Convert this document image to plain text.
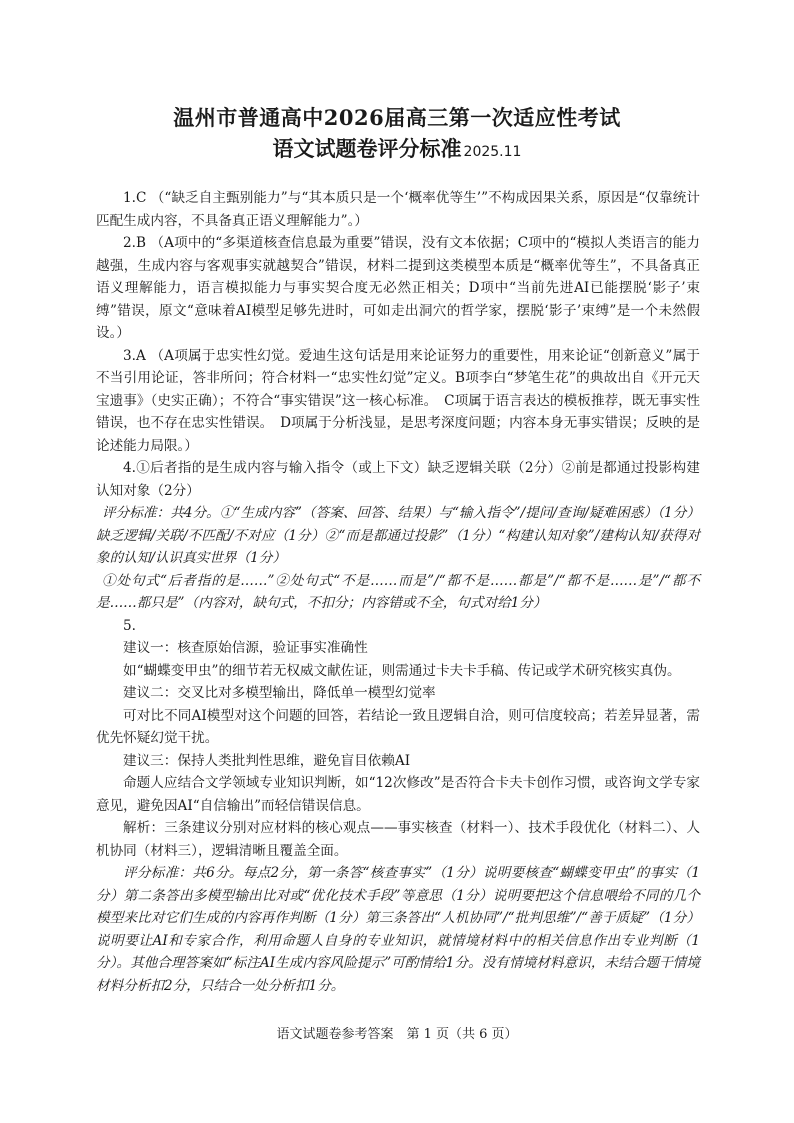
温州市普通高中2026届高三第一次适应性考试
语文试题卷评分标准 2025.11

1.C （“缺乏自主甄别能力”与“其本质只是一个‘概率优等生’”不构成因果关系，原因是“仅靠统计匹配生成内容，不具备真正语义理解能力”。）

2.B （A项中的“多渠道核查信息最为重要”错误，没有文本依据；C项中的“模拟人类语言的能力越强，生成内容与客观事实就越契合”错误，材料二提到这类模型本质是“概率优等生”，不具备真正语义理解能力，语言模拟能力与事实契合度无必然正相关；D项中“当前先进AI已能摆脱‘影子’束缚”错误，原文“意味着AI模型足够先进时，可如走出洞穴的哲学家，摆脱‘影子’束缚”是一个未然假设。）

3.A （A项属于忠实性幻觉。爱迪生这句话是用来论证努力的重要性，用来论证“创新意义”属于不当引用论证，答非所问；符合材料一“忠实性幻觉”定义。B项李白“梦笔生花”的典故出自《开元天宝遗事》（史实正确）；不符合“事实错误”这一核心标准。　C项属于语言表达的模板推荐，既无事实性错误，也不存在忠实性错误。　D项属于分析浅显，是思考深度问题；内容本身无事实错误；反映的是论述能力局限。）

4.①后者指的是生成内容与输入指令（或上下文）缺乏逻辑关联（2分）②前是都通过投影构建认知对象（2分）

评分标准：共4分。①“生成内容”（答案、回答、结果）与“输入指令”/提问/查询/疑难困惑）（1分）缺乏逻辑/关联/不匹配/不对应（1分）②“而是都通过投影”（1分）“构建认知对象”/建构认知/获得对象的认知/认识真实世界（1分）

①处句式“后者指的是……”②处句式“不是……而是”/“都不是……都是”/“都不是……是”/“都不是……都只是”（内容对，缺句式，不扣分；内容错或不全，句式对给1分）

5.

建议一：核查原始信源，验证事实准确性

如“蝴蝶变甲虫”的细节若无权威文献佐证，则需通过卡夫卡手稿、传记或学术研究核实真伪。

建议二：交叉比对多模型输出，降低单一模型幻觉率

可对比不同AI模型对这个问题的回答，若结论一致且逻辑自洽，则可信度较高；若差异显著，需优先怀疑幻觉干扰。

建议三：保持人类批判性思维，避免盲目依赖AI

命题人应结合文学领域专业知识判断，如“12次修改”是否符合卡夫卡创作习惯，或咨询文学专家意见，避免因AI“自信输出”而轻信错误信息。

解析：三条建议分别对应材料的核心观点——事实核查（材料一）、技术手段优化（材料二）、人机协同（材料三），逻辑清晰且覆盖全面。

评分标准：共6分。每点2分，第一条答“核查事实”（1分）说明要核查“蝴蝶变甲虫”的事实（1分）第二条答出多模型输出比对或“优化技术手段”等意思（1分）说明要把这个信息喂给不同的几个模型来比对它们生成的内容再作判断（1分）第三条答出“人机协同”/“批判思维”/“善于质疑”（1分）说明要让AI和专家合作，利用命题人自身的专业知识，就情境材料中的相关信息作出专业判断（1分）。其他合理答案如“标注AI生成内容风险提示”可酌情给1分。没有情境材料意识，未结合题干情境材料分析扣2分，只结合一处分析扣1分。

语文试题卷参考答案　第 1 页（共 6 页）
